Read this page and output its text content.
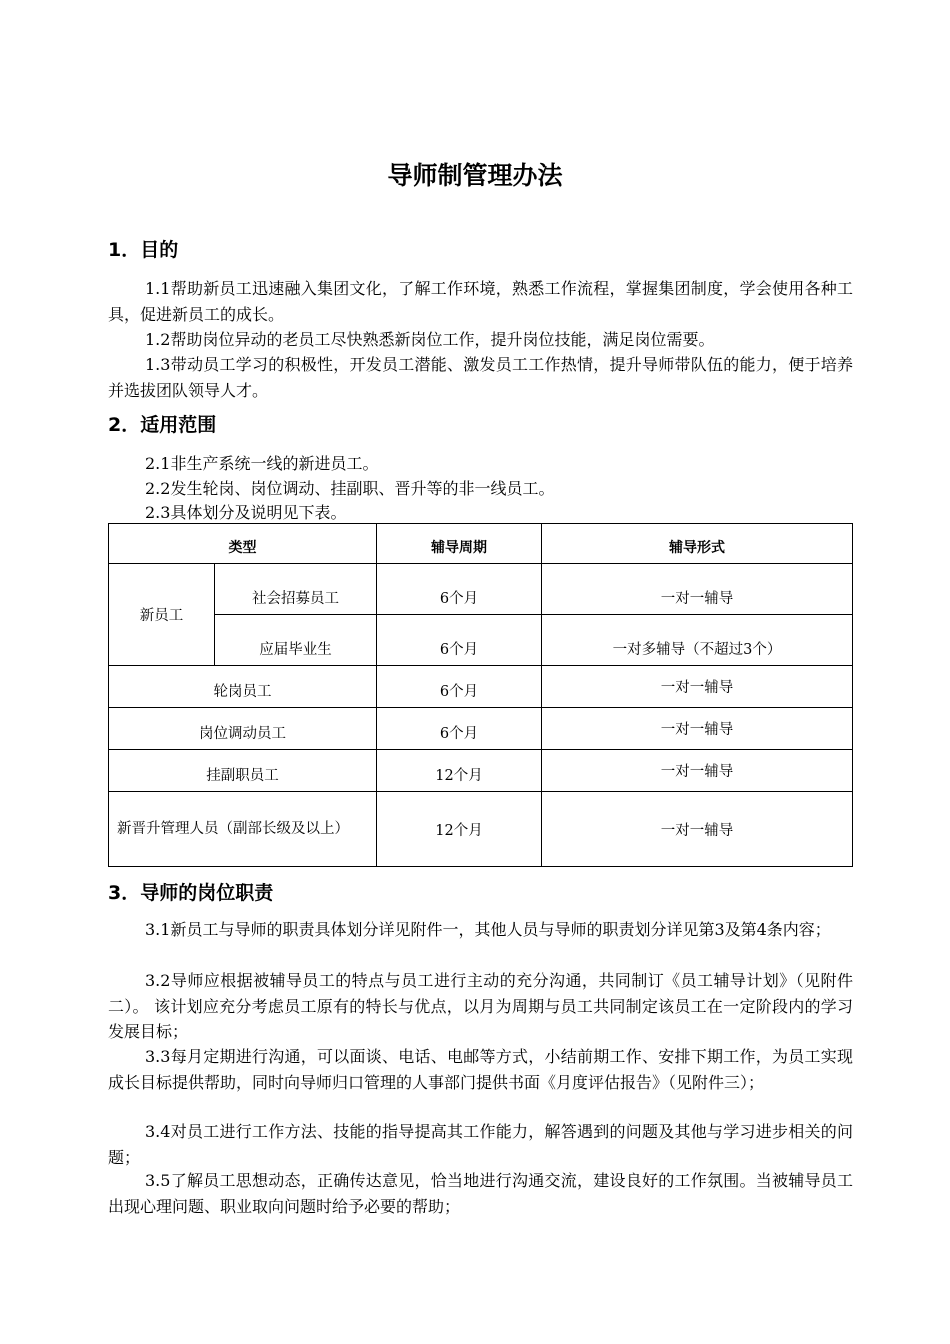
导师制管理办法
1．目的
1.1帮助新员工迅速融入集团文化，了解工作环境，熟悉工作流程，掌握集团制度，学会使用各种工具，促进新员工的成长。
1.2帮助岗位异动的老员工尽快熟悉新岗位工作，提升岗位技能，满足岗位需要。
1.3带动员工学习的积极性，开发员工潜能、激发员工工作热情，提升导师带队伍的能力，便于培养并选拔团队领导人才。
2．适用范围
2.1非生产系统一线的新进员工。
2.2发生轮岗、岗位调动、挂副职、晋升等的非一线员工。
2.3具体划分及说明见下表。
类型		辅导周期	辅导形式
新员工	社会招募员工	6个月	一对一辅导
	应届毕业生	6个月	一对多辅导（不超过3个）
轮岗员工		6个月	一对一辅导
岗位调动员工		6个月	一对一辅导
挂副职员工		12个月	一对一辅导
新晋升管理人员（副部长级及以上）		12个月	一对一辅导
3．导师的岗位职责
3.1新员工与导师的职责具体划分详见附件一，其他人员与导师的职责划分详见第3及第4条内容；
3.2导师应根据被辅导员工的特点与员工进行主动的充分沟通，共同制订《员工辅导计划》（见附件二）。 该计划应充分考虑员工原有的特长与优点，以月为周期与员工共同制定该员工在一定阶段内的学习发展目标；
3.3每月定期进行沟通，可以面谈、电话、电邮等方式，小结前期工作、安排下期工作，为员工实现成长目标提供帮助，同时向导师归口管理的人事部门提供书面《月度评估报告》（见附件三）；
3.4对员工进行工作方法、技能的指导提高其工作能力，解答遇到的问题及其他与学习进步相关的问题；
3.5了解员工思想动态，正确传达意见，恰当地进行沟通交流，建设良好的工作氛围。当被辅导员工出现心理问题、职业取向问题时给予必要的帮助；
